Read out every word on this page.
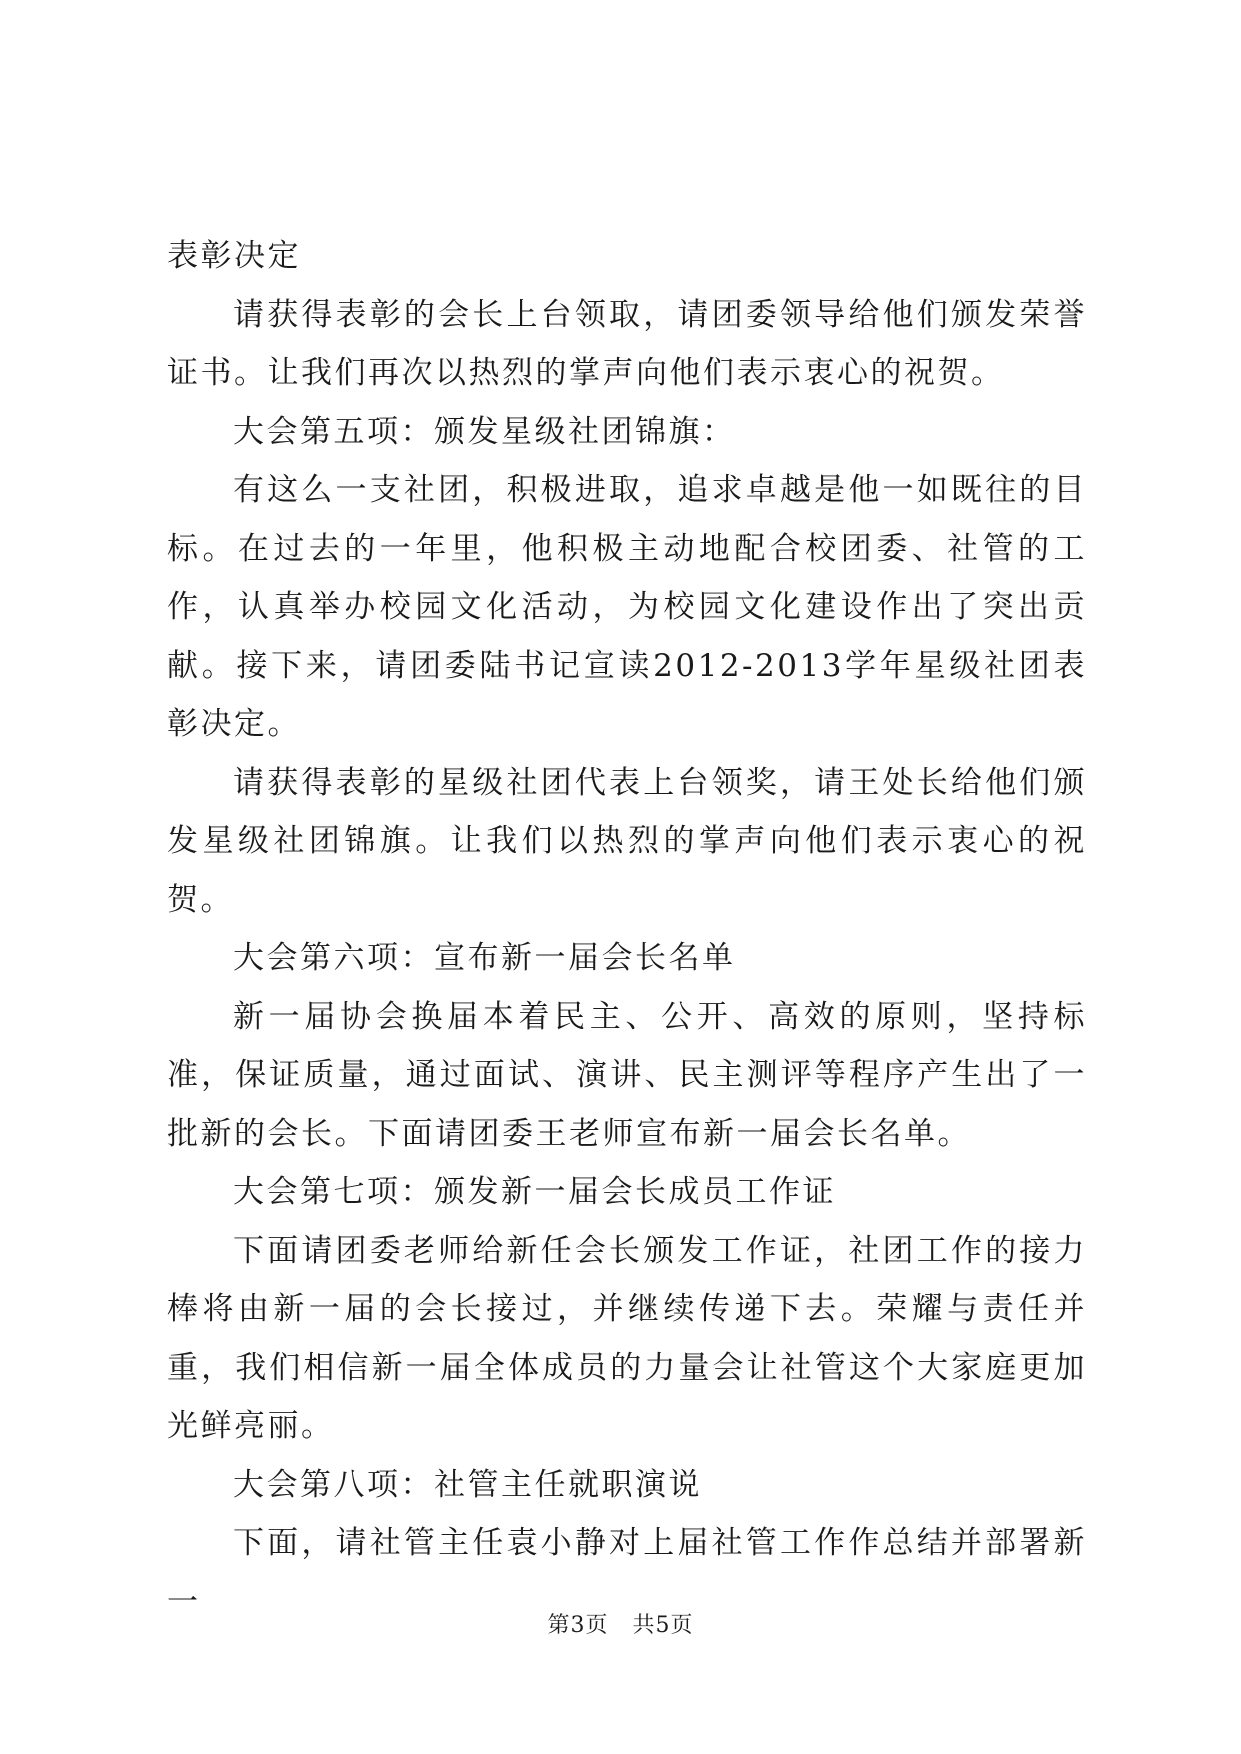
表彰决定

请获得表彰的会长上台领取，请团委领导给他们颁发荣誉证书。让我们再次以热烈的掌声向他们表示衷心的祝贺。

大会第五项：颁发星级社团锦旗：

有这么一支社团，积极进取，追求卓越是他一如既往的目标。在过去的一年里，他积极主动地配合校团委、社管的工作，认真举办校园文化活动，为校园文化建设作出了突出贡献。接下来，请团委陆书记宣读2012-2013学年星级社团表彰决定。

请获得表彰的星级社团代表上台领奖，请王处长给他们颁发星级社团锦旗。让我们以热烈的掌声向他们表示衷心的祝贺。

大会第六项：宣布新一届会长名单

新一届协会换届本着民主、公开、高效的原则，坚持标准，保证质量，通过面试、演讲、民主测评等程序产生出了一批新的会长。下面请团委王老师宣布新一届会长名单。

大会第七项：颁发新一届会长成员工作证

下面请团委老师给新任会长颁发工作证，社团工作的接力棒将由新一届的会长接过，并继续传递下去。荣耀与责任并重，我们相信新一届全体成员的力量会让社管这个大家庭更加光鲜亮丽。

大会第八项：社管主任就职演说

下面，请社管主任袁小静对上届社管工作作总结并部署新一

第3页 共5页
